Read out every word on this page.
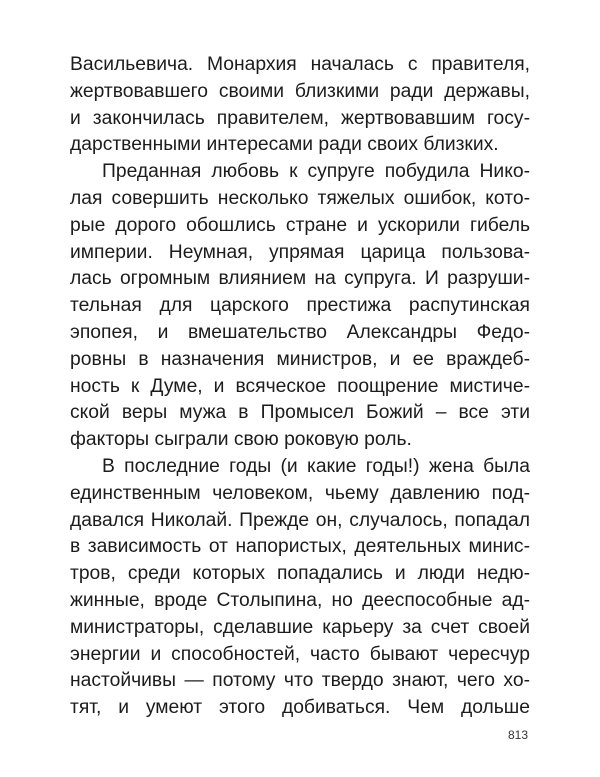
Васильевича. Монархия началась с правителя,
жертвовавшего своими близкими ради державы,
и закончилась правителем, жертвовавшим госу-
дарственными интересами ради своих близких.
Преданная любовь к супруге побудила Нико-
лая совершить несколько тяжелых ошибок, кото-
рые дорого обошлись стране и ускорили гибель
империи. Неумная, упрямая царица пользова-
лась огромным влиянием на супруга. И разруши-
тельная для царского престижа распутинская
эпопея, и вмешательство Александры Федо-
ровны в назначения министров, и ее враждеб-
ность к Думе, и всяческое поощрение мистиче-
ской веры мужа в Промысел Божий – все эти
факторы сыграли свою роковую роль.
В последние годы (и какие годы!) жена была
единственным человеком, чьему давлению под-
давался Николай. Прежде он, случалось, попадал
в зависимость от напористых, деятельных минис-
тров, среди которых попадались и люди недю-
жинные, вроде Столыпина, но дееспособные ад-
министраторы, сделавшие карьеру за счет своей
энергии и способностей, часто бывают чересчур
настойчивы — потому что твердо знают, чего хо-
тят, и умеют этого добиваться. Чем дольше
813
